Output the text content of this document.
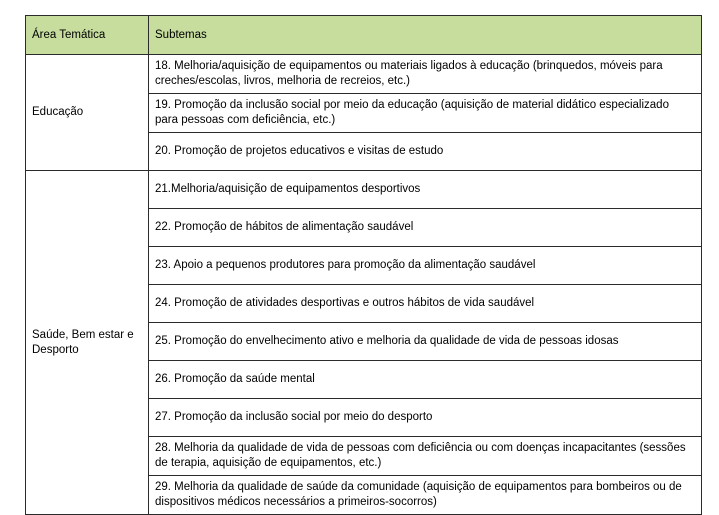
Área Temática	Subtemas
Educação	18. Melhoria/aquisição de equipamentos ou materiais ligados à educação (brinquedos, móveis para creches/escolas, livros, melhoria de recreios, etc.)
	19. Promoção da inclusão social por meio da educação (aquisição de material didático especializado para pessoas com deficiência, etc.)
	20. Promoção de projetos educativos e visitas de estudo
Saúde, Bem estar e Desporto	21.Melhoria/aquisição de equipamentos desportivos
	22. Promoção de hábitos de alimentação saudável
	23. Apoio a pequenos produtores para promoção da alimentação saudável
	24. Promoção de atividades desportivas e outros hábitos de vida saudável
	25. Promoção do envelhecimento ativo e melhoria da qualidade de vida de pessoas idosas
	26. Promoção da saúde mental
	27. Promoção da inclusão social por meio do desporto
	28. Melhoria da qualidade de vida de pessoas com deficiência ou com doenças incapacitantes (sessões de terapia, aquisição de equipamentos, etc.)
	29. Melhoria da qualidade de saúde da comunidade (aquisição de equipamentos para bombeiros ou de dispositivos médicos necessários a primeiros-socorros)
